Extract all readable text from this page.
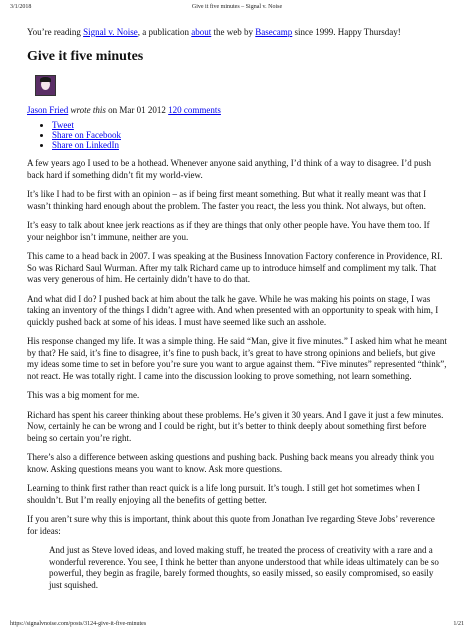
3/1/2018	Give it five minutes – Signal v. Noise

You’re reading Signal v. Noise, a publication about the web by Basecamp since 1999. Happy Thursday!

Give it five minutes

Jason Fried wrote this on Mar 01 2012 120 comments

• Tweet
• Share on Facebook
• Share on LinkedIn

A few years ago I used to be a hothead. Whenever anyone said anything, I’d think of a way to disagree. I’d push back hard if something didn’t fit my world-view.

It’s like I had to be first with an opinion – as if being first meant something. But what it really meant was that I wasn’t thinking hard enough about the problem. The faster you react, the less you think. Not always, but often.

It’s easy to talk about knee jerk reactions as if they are things that only other people have. You have them too. If your neighbor isn’t immune, neither are you.

This came to a head back in 2007. I was speaking at the Business Innovation Factory conference in Providence, RI. So was Richard Saul Wurman. After my talk Richard came up to introduce himself and compliment my talk. That was very generous of him. He certainly didn’t have to do that.

And what did I do? I pushed back at him about the talk he gave. While he was making his points on stage, I was taking an inventory of the things I didn’t agree with. And when presented with an opportunity to speak with him, I quickly pushed back at some of his ideas. I must have seemed like such an asshole.

His response changed my life. It was a simple thing. He said “Man, give it five minutes.” I asked him what he meant by that? He said, it’s fine to disagree, it’s fine to push back, it’s great to have strong opinions and beliefs, but give my ideas some time to set in before you’re sure you want to argue against them. “Five minutes” represented “think”, not react. He was totally right. I came into the discussion looking to prove something, not learn something.

This was a big moment for me.

Richard has spent his career thinking about these problems. He’s given it 30 years. And I gave it just a few minutes. Now, certainly he can be wrong and I could be right, but it’s better to think deeply about something first before being so certain you’re right.

There’s also a difference between asking questions and pushing back. Pushing back means you already think you know. Asking questions means you want to know. Ask more questions.

Learning to think first rather than react quick is a life long pursuit. It’s tough. I still get hot sometimes when I shouldn’t. But I’m really enjoying all the benefits of getting better.

If you aren’t sure why this is important, think about this quote from Jonathan Ive regarding Steve Jobs’ reverence for ideas:

And just as Steve loved ideas, and loved making stuff, he treated the process of creativity with a rare and a wonderful reverence. You see, I think he better than anyone understood that while ideas ultimately can be so powerful, they begin as fragile, barely formed thoughts, so easily missed, so easily compromised, so easily just squished.
https://signalvnoise.com/posts/3124-give-it-five-minutes	1/21
